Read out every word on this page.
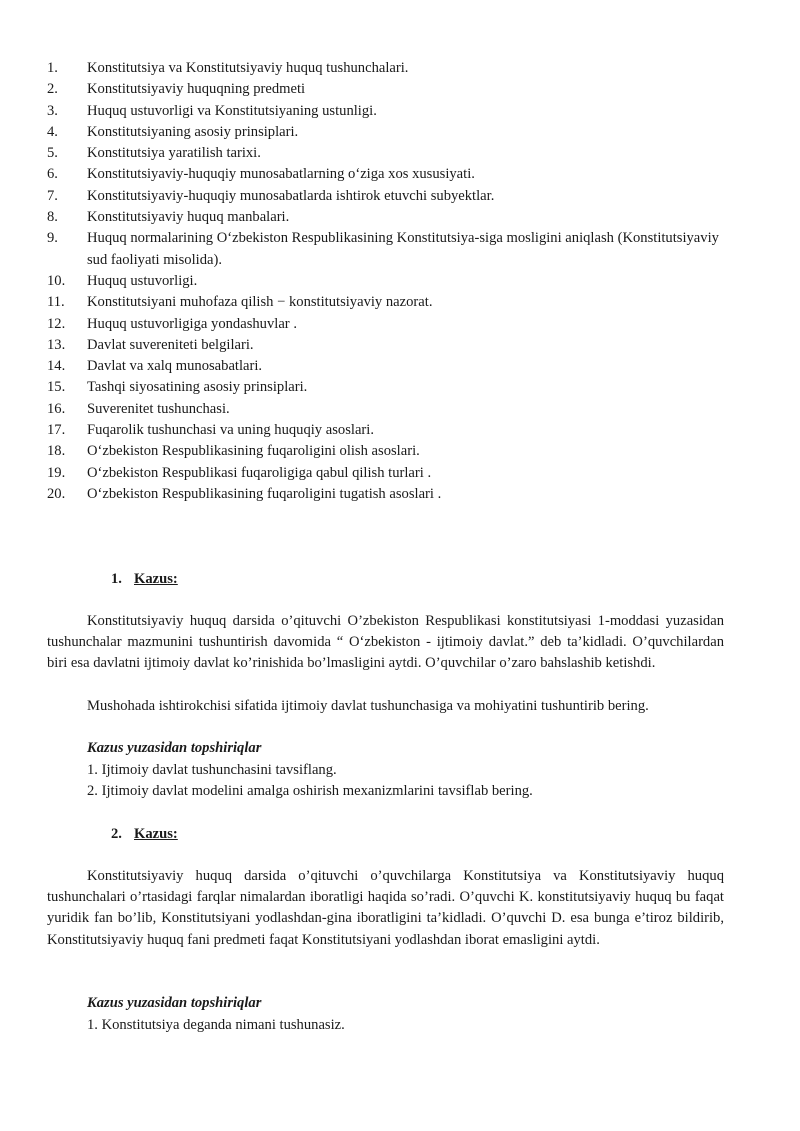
1. Konstitutsiya va Konstitutsiyaviy huquq tushunchalari.
2. Konstitutsiyaviy huquqning predmeti
3. Huquq ustuvorligi va Konstitutsiyaning ustunligi.
4. Konstitutsiyaning asosiy prinsiplari.
5. Konstitutsiya yaratilish tarixi.
6. Konstitutsiyaviy-huquqiy munosabatlarning oʻziga xos xususiyati.
7. Konstitutsiyaviy-huquqiy munosabatlarda ishtirok etuvchi subyektlar.
8. Konstitutsiyaviy huquq manbalari.
9. Huquq normalarining Oʻzbekiston Respublikasining Konstitutsiya-siga mosligini aniqlash (Konstitutsiyaviy sud faoliyati misolida).
10. Huquq ustuvorligi.
11. Konstitutsiyani muhofaza qilish − konstitutsiyaviy nazorat.
12. Huquq ustuvorligiga yondashuvlar .
13. Davlat suvereniteti belgilari.
14. Davlat va xalq munosabatlari.
15. Tashqi siyosatining asosiy prinsiplari.
16. Suverenitet tushunchasi.
17. Fuqarolik tushunchasi va uning huquqiy asoslari.
18. Oʻzbekiston Respublikasining fuqaroligini olish asoslari.
19. Oʻzbekiston Respublikasi fuqaroligiga qabul qilish turlari .
20. Oʻzbekiston Respublikasining fuqaroligini tugatish asoslari .

1. Kazus:

Konstitutsiyaviy huquq darsida o’qituvchi O’zbekiston Respublikasi konstitutsiyasi 1-moddasi yuzasidan tushunchalar mazmunini tushuntirish davomida “ Oʻzbekiston - ijtimoiy davlat.” deb ta’kidladi. O’quvchilardan biri esa davlatni ijtimoiy davlat ko’rinishida bo’lmasligini aytdi. O’quvchilar o’zaro bahslashib ketishdi.

Mushohada ishtirokchisi sifatida ijtimoiy davlat tushunchasiga va mohiyatini tushuntirib bering.

Kazus yuzasidan topshiriqlar

1. Ijtimoiy davlat tushunchasini tavsiflang.

2. Ijtimoiy davlat modelini amalga oshirish mexanizmlarini tavsiflab bering.

2. Kazus:

Konstitutsiyaviy huquq darsida o’qituvchi o’quvchilarga Konstitutsiya va Konstitutsiyaviy huquq tushunchalari o’rtasidagi farqlar nimalardan iboratligi haqida so’radi. O’quvchi K. konstitutsiyaviy huquq bu faqat yuridik fan bo’lib, Konstitutsiyani yodlashdan-gina iboratligini ta’kidladi. O’quvchi D. esa bunga e’tiroz bildirib, Konstitutsiyaviy huquq fani predmeti faqat Konstitutsiyani yodlashdan iborat emasligini aytdi.

Kazus yuzasidan topshiriqlar

1. Konstitutsiya deganda nimani tushunasiz.
